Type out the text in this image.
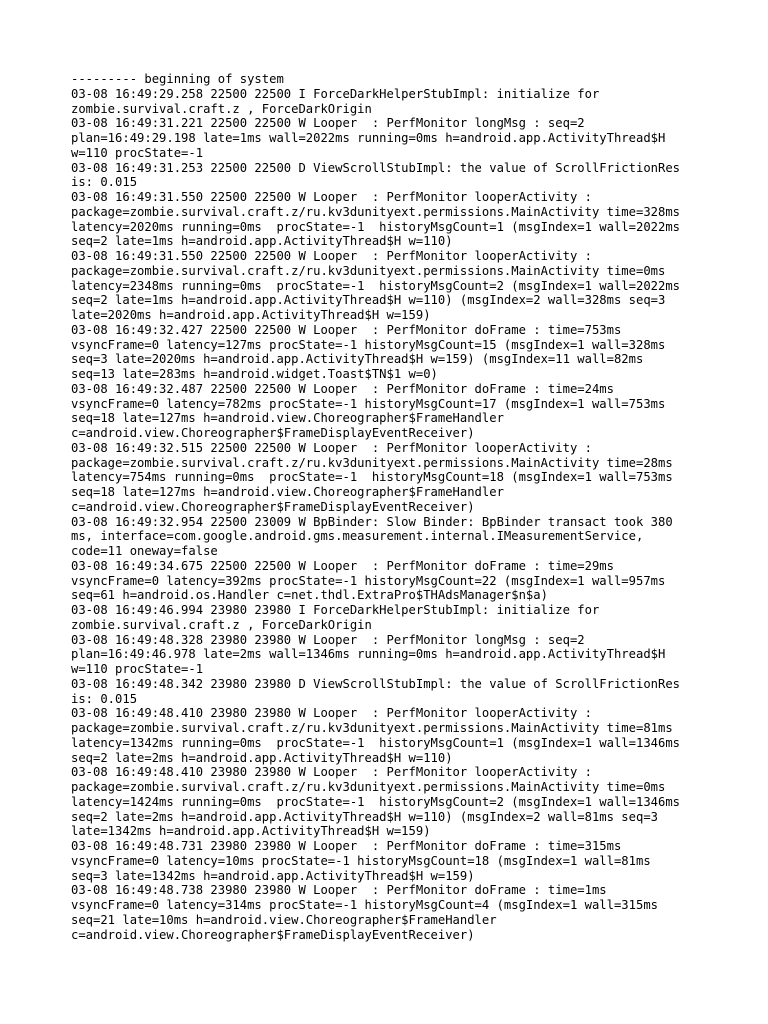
--------- beginning of system
03-08 16:49:29.258 22500 22500 I ForceDarkHelperStubImpl: initialize for
zombie.survival.craft.z , ForceDarkOrigin
03-08 16:49:31.221 22500 22500 W Looper  : PerfMonitor longMsg : seq=2
plan=16:49:29.198 late=1ms wall=2022ms running=0ms h=android.app.ActivityThread$H
w=110 procState=-1
03-08 16:49:31.253 22500 22500 D ViewScrollStubImpl: the value of ScrollFrictionRes
is: 0.015
03-08 16:49:31.550 22500 22500 W Looper  : PerfMonitor looperActivity :
package=zombie.survival.craft.z/ru.kv3dunityext.permissions.MainActivity time=328ms
latency=2020ms running=0ms  procState=-1  historyMsgCount=1 (msgIndex=1 wall=2022ms
seq=2 late=1ms h=android.app.ActivityThread$H w=110)
03-08 16:49:31.550 22500 22500 W Looper  : PerfMonitor looperActivity :
package=zombie.survival.craft.z/ru.kv3dunityext.permissions.MainActivity time=0ms
latency=2348ms running=0ms  procState=-1  historyMsgCount=2 (msgIndex=1 wall=2022ms
seq=2 late=1ms h=android.app.ActivityThread$H w=110) (msgIndex=2 wall=328ms seq=3
late=2020ms h=android.app.ActivityThread$H w=159)
03-08 16:49:32.427 22500 22500 W Looper  : PerfMonitor doFrame : time=753ms
vsyncFrame=0 latency=127ms procState=-1 historyMsgCount=15 (msgIndex=1 wall=328ms
seq=3 late=2020ms h=android.app.ActivityThread$H w=159) (msgIndex=11 wall=82ms
seq=13 late=283ms h=android.widget.Toast$TN$1 w=0)
03-08 16:49:32.487 22500 22500 W Looper  : PerfMonitor doFrame : time=24ms
vsyncFrame=0 latency=782ms procState=-1 historyMsgCount=17 (msgIndex=1 wall=753ms
seq=18 late=127ms h=android.view.Choreographer$FrameHandler
c=android.view.Choreographer$FrameDisplayEventReceiver)
03-08 16:49:32.515 22500 22500 W Looper  : PerfMonitor looperActivity :
package=zombie.survival.craft.z/ru.kv3dunityext.permissions.MainActivity time=28ms
latency=754ms running=0ms  procState=-1  historyMsgCount=18 (msgIndex=1 wall=753ms
seq=18 late=127ms h=android.view.Choreographer$FrameHandler
c=android.view.Choreographer$FrameDisplayEventReceiver)
03-08 16:49:32.954 22500 23009 W BpBinder: Slow Binder: BpBinder transact took 380
ms, interface=com.google.android.gms.measurement.internal.IMeasurementService,
code=11 oneway=false
03-08 16:49:34.675 22500 22500 W Looper  : PerfMonitor doFrame : time=29ms
vsyncFrame=0 latency=392ms procState=-1 historyMsgCount=22 (msgIndex=1 wall=957ms
seq=61 h=android.os.Handler c=net.thdl.ExtraPro$THAdsManager$n$a)
03-08 16:49:46.994 23980 23980 I ForceDarkHelperStubImpl: initialize for
zombie.survival.craft.z , ForceDarkOrigin
03-08 16:49:48.328 23980 23980 W Looper  : PerfMonitor longMsg : seq=2
plan=16:49:46.978 late=2ms wall=1346ms running=0ms h=android.app.ActivityThread$H
w=110 procState=-1
03-08 16:49:48.342 23980 23980 D ViewScrollStubImpl: the value of ScrollFrictionRes
is: 0.015
03-08 16:49:48.410 23980 23980 W Looper  : PerfMonitor looperActivity :
package=zombie.survival.craft.z/ru.kv3dunityext.permissions.MainActivity time=81ms
latency=1342ms running=0ms  procState=-1  historyMsgCount=1 (msgIndex=1 wall=1346ms
seq=2 late=2ms h=android.app.ActivityThread$H w=110)
03-08 16:49:48.410 23980 23980 W Looper  : PerfMonitor looperActivity :
package=zombie.survival.craft.z/ru.kv3dunityext.permissions.MainActivity time=0ms
latency=1424ms running=0ms  procState=-1  historyMsgCount=2 (msgIndex=1 wall=1346ms
seq=2 late=2ms h=android.app.ActivityThread$H w=110) (msgIndex=2 wall=81ms seq=3
late=1342ms h=android.app.ActivityThread$H w=159)
03-08 16:49:48.731 23980 23980 W Looper  : PerfMonitor doFrame : time=315ms
vsyncFrame=0 latency=10ms procState=-1 historyMsgCount=18 (msgIndex=1 wall=81ms
seq=3 late=1342ms h=android.app.ActivityThread$H w=159)
03-08 16:49:48.738 23980 23980 W Looper  : PerfMonitor doFrame : time=1ms
vsyncFrame=0 latency=314ms procState=-1 historyMsgCount=4 (msgIndex=1 wall=315ms
seq=21 late=10ms h=android.view.Choreographer$FrameHandler
c=android.view.Choreographer$FrameDisplayEventReceiver)
